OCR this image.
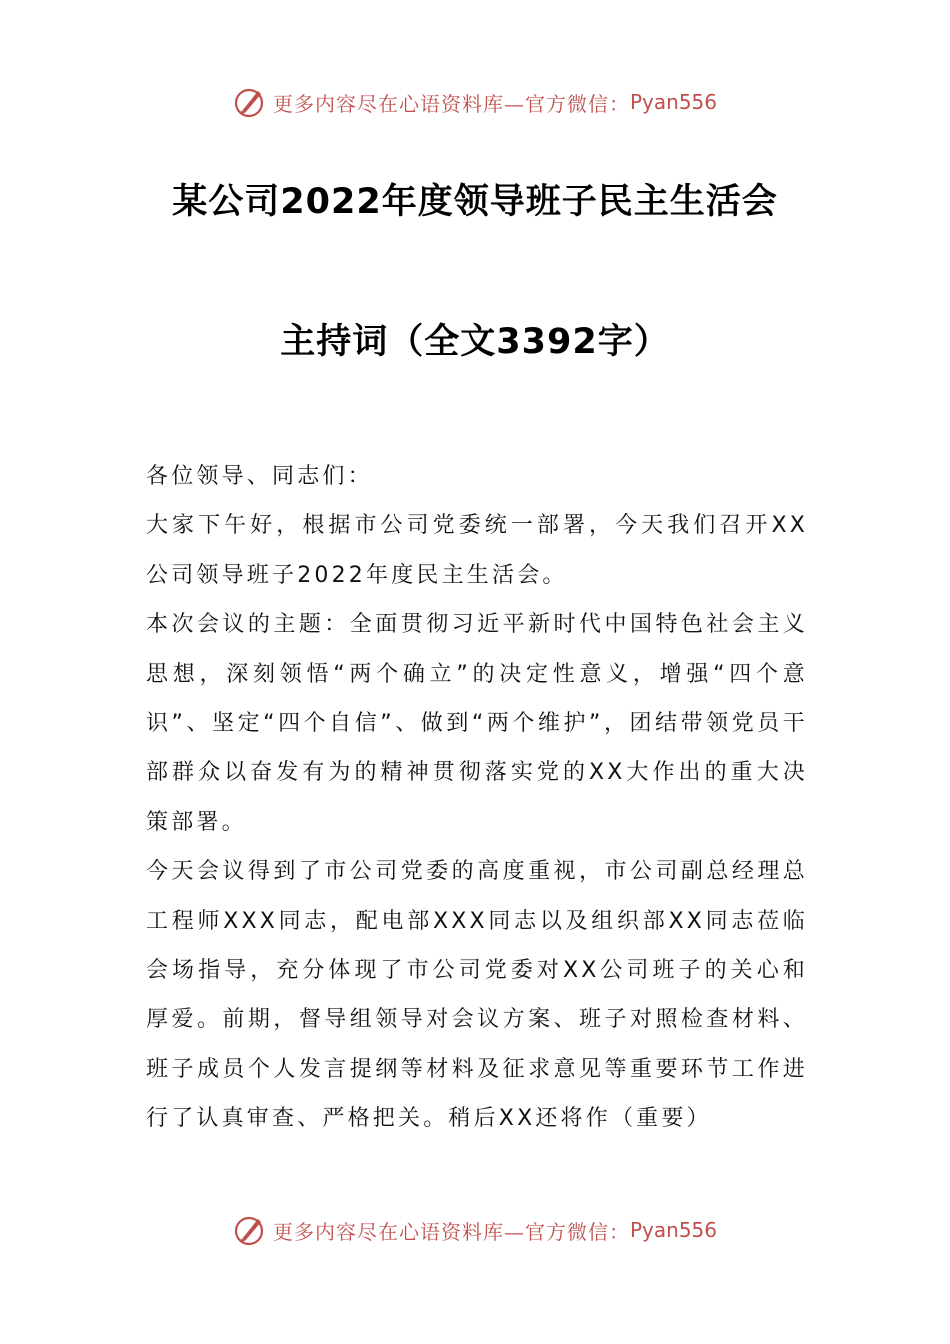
更多内容尽在心语资料库—官方微信： Pyan556
某公司2022年度领导班子民主生活会
主持词（全文3392字）

各位领导、同志们：

大家下午好，根据市公司党委统一部署，今天我们召开XX公司领导班子2022年度民主生活会。

本次会议的主题：全面贯彻习近平新时代中国特色社会主义思想，深刻领悟“两个确立”的决定性意义，增强“四个意识”、坚定“四个自信”、做到“两个维护”，团结带领党员干部群众以奋发有为的精神贯彻落实党的XX大作出的重大决策部署。

今天会议得到了市公司党委的高度重视，市公司副总经理总工程师XXX同志，配电部XXX同志以及组织部XX同志莅临会场指导，充分体现了市公司党委对XX公司班子的关心和厚爱。前期，督导组领导对会议方案、班子对照检查材料、班子成员个人发言提纲等材料及征求意见等重要环节工作进行了认真审查、严格把关。稍后XX还将作（重要）

更多内容尽在心语资料库—官方微信： Pyan556
